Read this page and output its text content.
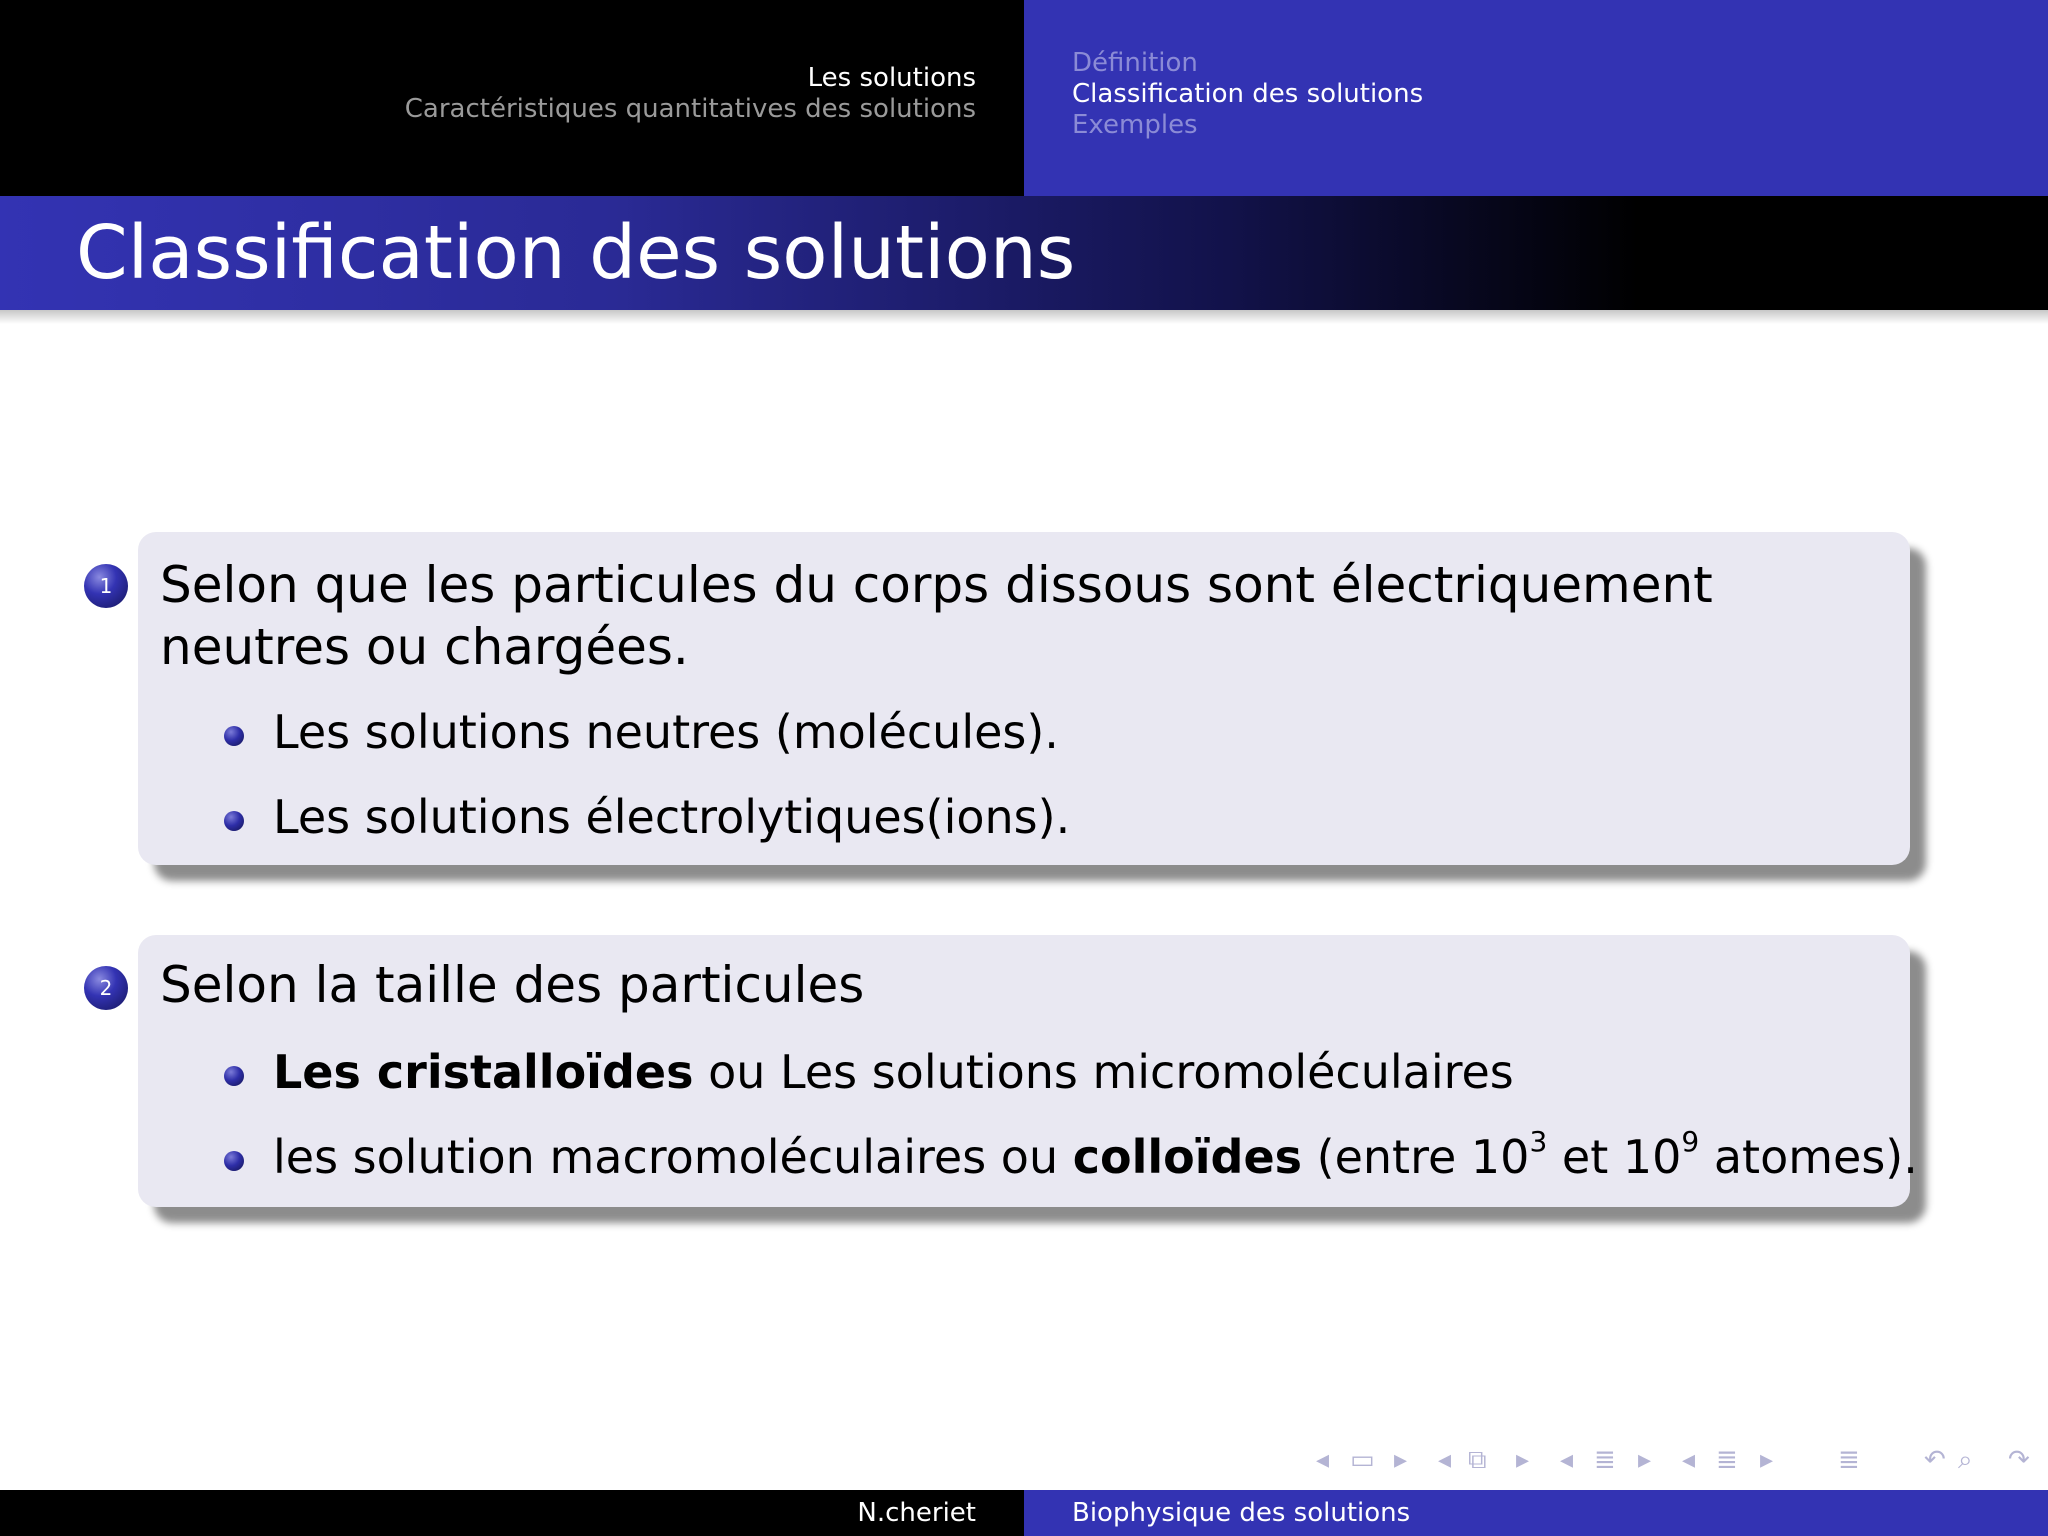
Les solutions
Caractéristiques quantitatives des solutions
Définition
Classification des solutions
Exemples
Classification des solutions
1 Selon que les particules du corps dissous sont électriquement neutres ou chargées.
Les solutions neutres (molécules).
Les solutions électrolytiques(ions).
2 Selon la taille des particules
Les cristalloïdes ou Les solutions micromoléculaires
les solution macromoléculaires ou colloïdes (entre $10^3$ et $10^9$ atomes).
◂ ▭ ▸ ◂ ⧉ ▸ ◂ ≣ ▸ ◂ ≣ ▸ ≣ ↶ ⌕ ↷
N.cheriet	Biophysique des solutions
